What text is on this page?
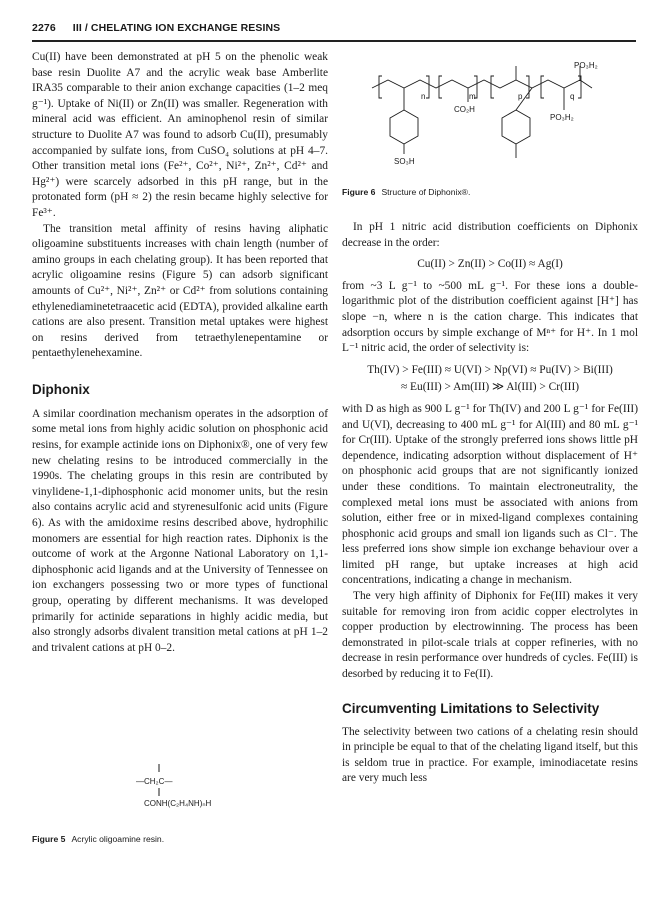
2276 III / CHELATING ION EXCHANGE RESINS

Cu(II) have been demonstrated at pH 5 on the phenolic weak base resin Duolite A7 and the acrylic weak base Amberlite IRA35 comparable to their anion exchange capacities (1–2 meq g⁻¹). Uptake of Ni(II) or Zn(II) was smaller. Regeneration with mineral acid was efficient. An aminophenol resin of similar structure to Duolite A7 was found to adsorb Cu(II), presumably accompanied by sulfate ions, from CuSO₄ solutions at pH 4–7. Other transition metal ions (Fe²⁺, Co²⁺, Ni²⁺, Zn²⁺, Cd²⁺ and Hg²⁺) were scarcely adsorbed in this pH range, but in the protonated form (pH ≈ 2) the resin became highly selective for Fe³⁺.

The transition metal affinity of resins having aliphatic oligoamine substituents increases with chain length (number of amino groups in each chelating group). It has been reported that acrylic oligoamine resins (Figure 5) can adsorb significant amounts of Cu²⁺, Ni²⁺, Zn²⁺ or Cd²⁺ from solutions containing ethylenediaminetetraacetic acid (EDTA), provided alkaline earth cations are also present. Transition metal uptakes were highest on resins derived from tetraethylenepentamine or pentaethylenehexamine.

Diphonix

A similar coordination mechanism operates in the adsorption of some metal ions from highly acidic solution on phosphonic acid resins, for example actinide ions on Diphonix®, one of very few new chelating resins to be introduced commercially in the 1990s. The chelating groups in this resin are contributed by vinylidene-1,1-diphosphonic acid monomer units, but the resin also contains acrylic acid and styrenesulfonic acid units (Figure 6). As with the amidoxime resins described above, hydrophilic monomers are essential for high reaction rates. Diphonix is the outcome of work at the Argonne National Laboratory on 1,1-diphosphonic acid ligands and at the University of Tennessee on ion exchangers possessing two or more types of functional group, operating by different mechanisms. It was developed primarily for actinide separations in highly acidic media, but also strongly adsorbs divalent transition metal cations at pH 1–2 and trivalent cations at pH 0–2.

—CH₂C—
CONH(C₂H₄NH)ₙH
Figure 5 Acrylic oligoamine resin.
n	m	p	q
PO₃H₂
CO₂H
PO₃H₂
SO₃H
Figure 6 Structure of Diphonix®.

In pH 1 nitric acid distribution coefficients on Diphonix decrease in the order:

Cu(II) > Zn(II) > Co(II) ≈ Ag(I)

from ~3 L g⁻¹ to ~500 mL g⁻¹. For these ions a double-logarithmic plot of the distribution coefficient against [H⁺] has slope −n, where n is the cation charge. This indicates that adsorption occurs by simple exchange of Mⁿ⁺ for H⁺. In 1 mol L⁻¹ nitric acid, the order of selectivity is:

Th(IV) > Fe(III) ≈ U(VI) > Np(VI) ≈ Pu(IV) > Bi(III)

≈ Eu(III) > Am(III) ≫ Al(III) > Cr(III)

with D as high as 900 L g⁻¹ for Th(IV) and 200 L g⁻¹ for Fe(III) and U(VI), decreasing to 400 mL g⁻¹ for Al(III) and 80 mL g⁻¹ for Cr(III). Uptake of the strongly preferred ions shows little pH dependence, indicating adsorption without displacement of H⁺ on phosphonic acid groups that are not significantly ionized under these conditions. To maintain electroneutrality, the complexed metal ions must be associated with anions from solution, either free or in mixed-ligand complexes containing phosphonic acid groups and small ion ligands such as Cl⁻. The less preferred ions show simple ion exchange behaviour over a limited pH range, but uptake increases at high acid concentrations, indicating a change in mechanism.

The very high affinity of Diphonix for Fe(III) makes it very suitable for removing iron from acidic copper electrolytes in copper production by electrowinning. The process has been demonstrated in pilot-scale trials at copper refineries, with no decrease in resin performance over hundreds of cycles. Fe(III) is desorbed by reducing it to Fe(II).

Circumventing Limitations to Selectivity

The selectivity between two cations of a chelating resin should in principle be equal to that of the chelating ligand itself, but this is seldom true in practice. For example, iminodiacetate resins are very much less
